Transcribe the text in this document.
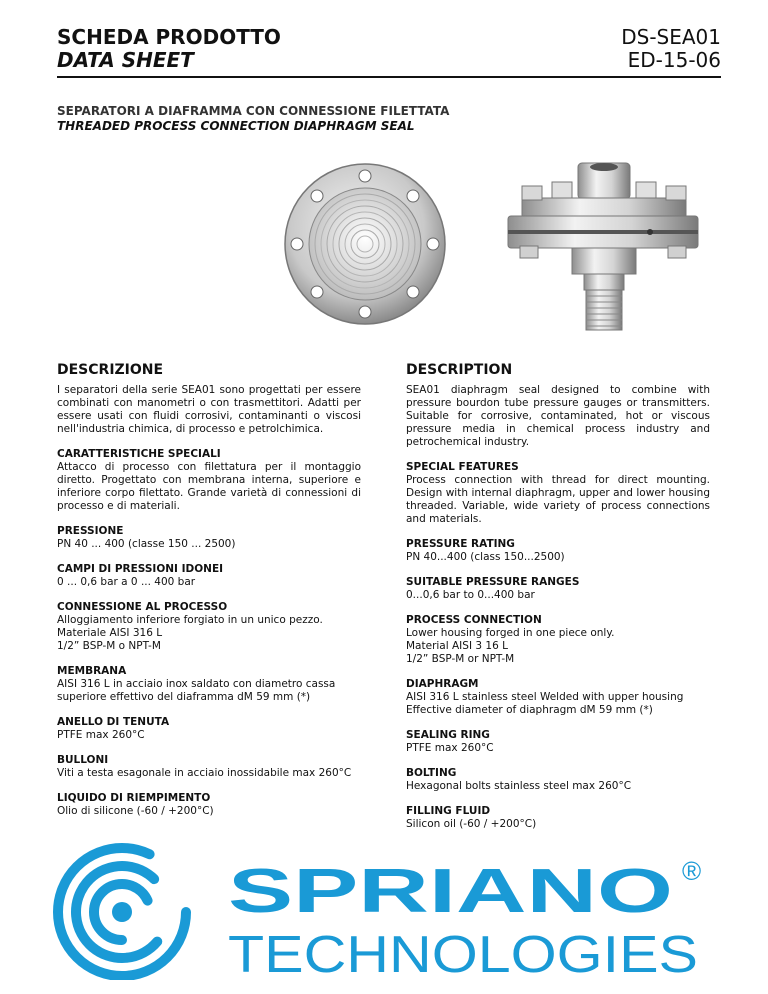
SCHEDA PRODOTTO
DATA SHEET
DS-SEA01
ED-15-06
SEPARATORI A DIAFRAMMA CON CONNESSIONE FILETTATA
THREADED PROCESS CONNECTION DIAPHRAGM SEAL
DESCRIZIONE
I separatori della serie SEA01 sono progettati per essere combinati con manometri o con trasmettitori. Adatti per essere usati con fluidi corrosivi, contaminanti o viscosi nell'industria chimica, di processo e petrolchimica.
CARATTERISTICHE SPECIALI
Attacco di processo con filettatura per il montaggio diretto. Progettato con membrana interna, superiore e inferiore corpo filettato. Grande varietà di connessioni di processo e di materiali.
PRESSIONE
PN 40 ... 400 (classe 150 ... 2500)
CAMPI DI PRESSIONI IDONEI
0 ... 0,6 bar a 0 ... 400 bar
CONNESSIONE AL PROCESSO
Alloggiamento inferiore forgiato in un unico pezzo.
Materiale AISI 316 L
1/2” BSP-M o NPT-M
MEMBRANA
AISI 316 L in acciaio inox saldato con diametro cassa
superiore effettivo del diaframma dM 59 mm (*)
ANELLO DI TENUTA
PTFE max 260°C
BULLONI
Viti a testa esagonale in acciaio inossidabile max 260°C
LIQUIDO DI RIEMPIMENTO
Olio di silicone (-60 / +200°C)
DESCRIPTION
SEA01 diaphragm seal designed to combine with pressure bourdon tube pressure gauges or transmitters. Suitable for corrosive, contaminated, hot or viscous pressure media in chemical process industry and petrochemical industry.
SPECIAL FEATURES
Process connection with thread for direct mounting. Design with internal diaphragm, upper and lower housing threaded. Variable, wide variety of process connections and materials.
PRESSURE RATING
PN 40...400 (class 150...2500)
SUITABLE PRESSURE RANGES
0...0,6 bar to 0...400 bar
PROCESS CONNECTION
Lower housing forged in one piece only.
Material AISI 3 16 L
1/2” BSP-M or NPT-M
DIAPHRAGM
AISI 316 L stainless steel Welded with upper housing
Effective diameter of diaphragm dM 59 mm (*)
SEALING RING
PTFE max 260°C
BOLTING
Hexagonal bolts stainless steel max 260°C
FILLING FLUID
Silicon oil (-60 / +200°C)
SPRIANO ®
TECHNOLOGIES
